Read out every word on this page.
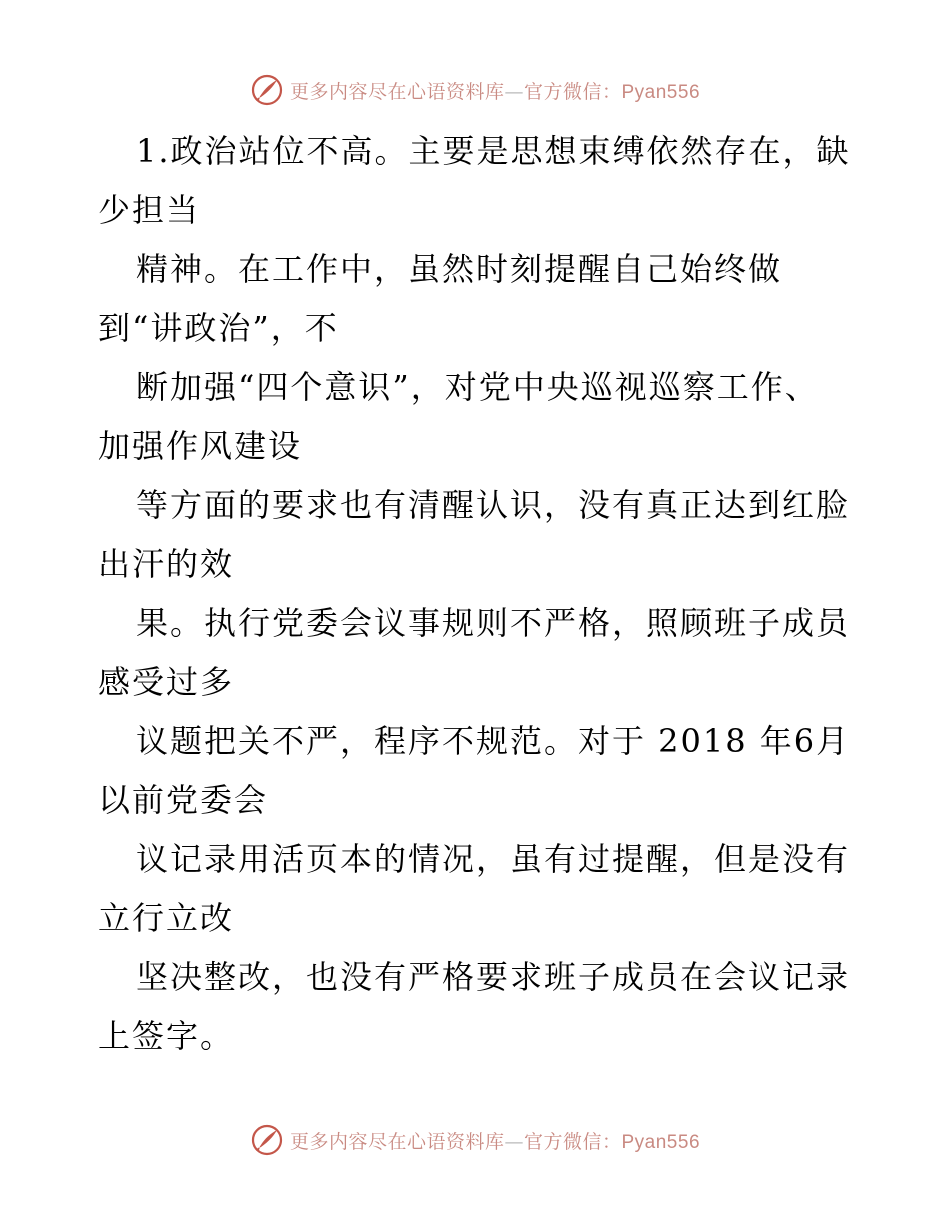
更多内容尽在心语资料库—官方微信：Pyan556
1.政治站位不高。主要是思想束缚依然存在，缺
少担当
精神。在工作中，虽然时刻提醒自己始终做
到“讲政治”，不
断加强“四个意识”，对党中央巡视巡察工作、
加强作风建设
等方面的要求也有清醒认识，没有真正达到红脸
出汗的效
果。执行党委会议事规则不严格，照顾班子成员
感受过多
议题把关不严，程序不规范。对于 2018 年6月
以前党委会
议记录用活页本的情况，虽有过提醒，但是没有
立行立改
坚决整改，也没有严格要求班子成员在会议记录
上签字。
更多内容尽在心语资料库—官方微信：Pyan556
